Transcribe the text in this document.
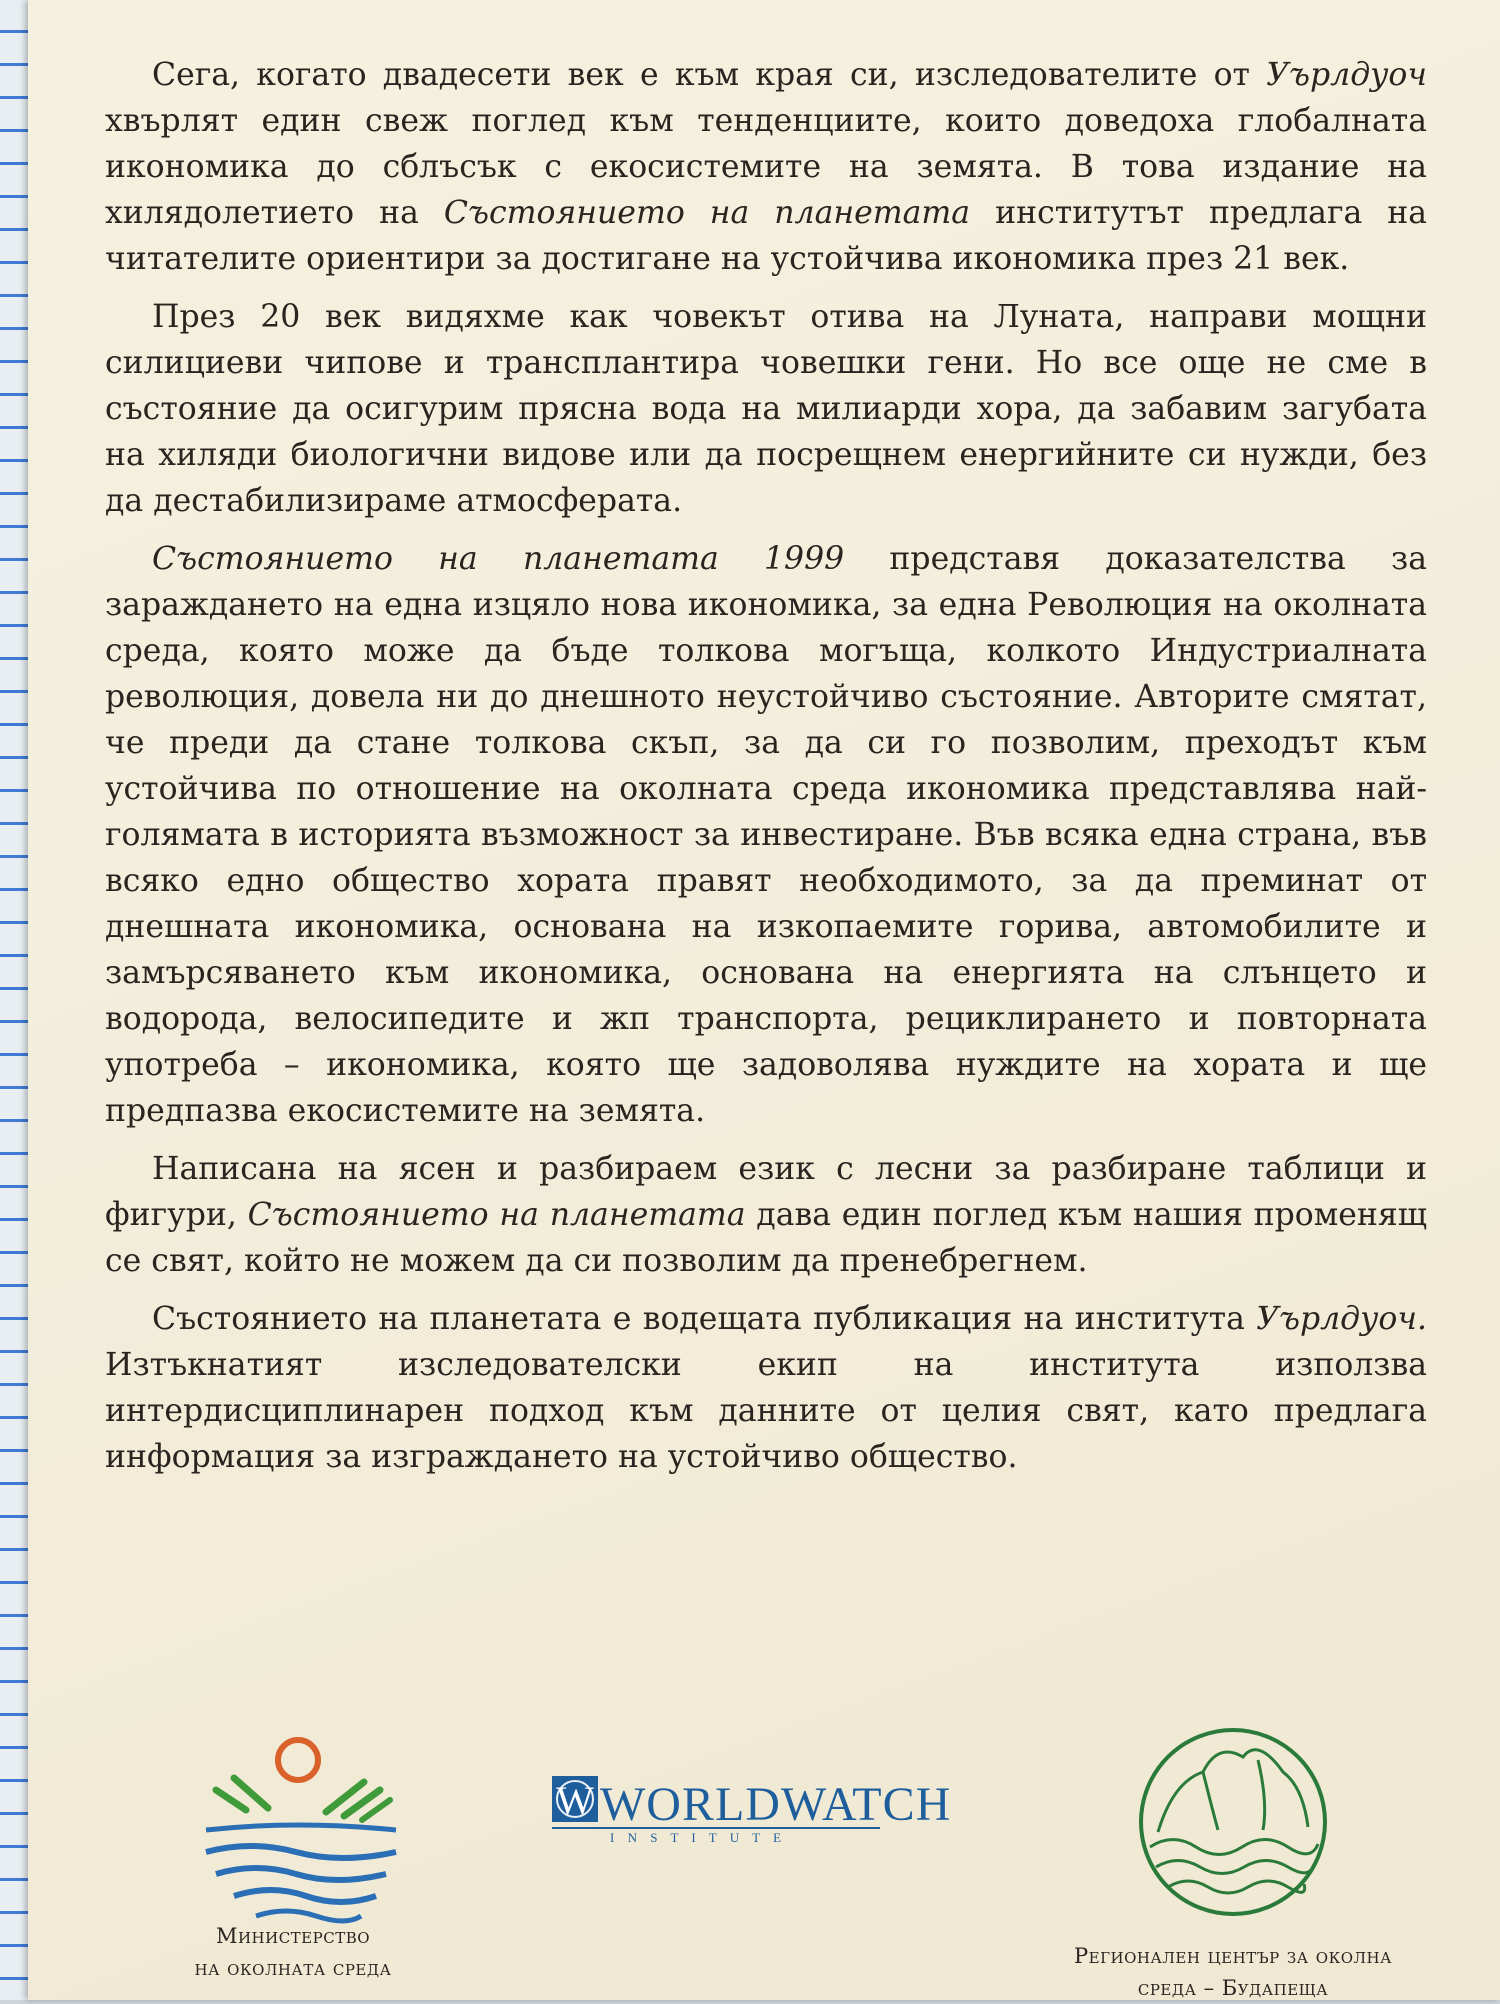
Сега, когато двадесети век е към края си, изследователите от Уърлдуоч хвърлят един свеж поглед към тенденциите, които доведоха глобалната икономика до сблъсък с екосистемите на земята. В това издание на хилядолетието на Състоянието на планетата институтът предлага на читателите ориентири за достигане на устойчива икономика през 21 век.

През 20 век видяхме как човекът отива на Луната, направи мощни силициеви чипове и трансплантира човешки гени. Но все още не сме в състояние да осигурим прясна вода на милиарди хора, да забавим загубата на хиляди биологични видове или да посрещнем енергийните си нужди, без да дестабилизираме атмосферата.

Състоянието на планетата 1999 представя доказателства за зараждането на една изцяло нова икономика, за една Революция на околната среда, която може да бъде толкова могъща, колкото Индустриалната революция, довела ни до днешното неустойчиво състояние. Авторите смятат, че преди да стане толкова скъп, за да си го позволим, преходът към устойчива по отношение на околната среда икономика представлява най-голямата в историята възможност за инвестиране. Във всяка една страна, във всяко едно общество хората правят необходимото, за да преминат от днешната икономика, основана на изкопаемите горива, автомобилите и замърсяването към икономика, основана на енергията на слънцето и водорода, велосипедите и жп транспорта, рециклирането и повторната употреба – икономика, която ще задоволява нуждите на хората и ще предпазва екосистемите на земята.

Написана на ясен и разбираем език с лесни за разбиране таблици и фигури, Състоянието на планетата дава един поглед към нашия променящ се свят, който не можем да си позволим да пренебрегнем.

Състоянието на планетата е водещата публикация на института Уърлдуоч. Изтъкнатият изследователски екип на института използва интердисциплинарен подход към данните от целия свят, като предлага информация за изграждането на устойчиво общество.

Министерство
на околната среда
W WORLDWATCH
I N S T I T U T E
Регионален център за околна
среда – Будапеща
